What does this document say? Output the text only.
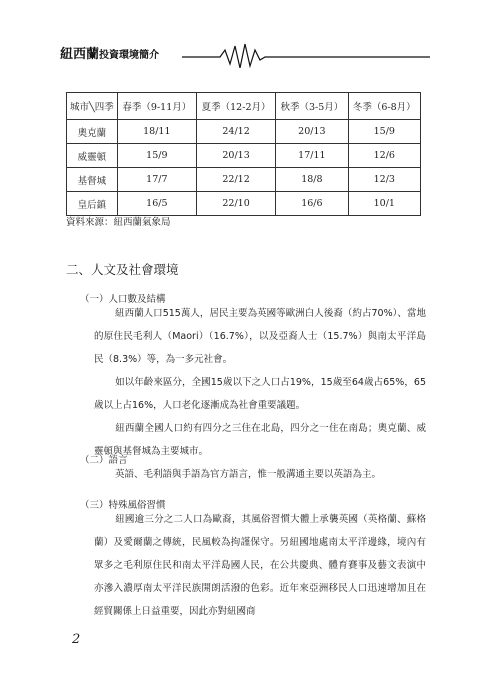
紐西蘭投資環境簡介
城市╲四季	春季（9-11月）	夏季（12-2月）	秋季（3-5月）	冬季（6-8月）
奧克蘭	18/11	24/12	20/13	15/9
威靈頓	15/9	20/13	17/11	12/6
基督城	17/7	22/12	18/8	12/3
皇后鎮	16/5	22/10	16/6	10/1
資料來源：紐西蘭氣象局
二、人文及社會環境
（一）人口數及結構

紐西蘭人口515萬人，居民主要為英國等歐洲白人後裔（約占70%）、當地的原住民毛利人（Maori）（16.7%），以及亞裔人士（15.7%）與南太平洋島民（8.3%）等，為一多元社會。

如以年齡來區分，全國15歲以下之人口占19%，15歲至64歲占65%，65歲以上占16%，人口老化逐漸成為社會重要議題。

紐西蘭全國人口約有四分之三住在北島，四分之一住在南島；奧克蘭、威靈頓與基督城為主要城市。

（二）語言

英語、毛利語與手語為官方語言，惟一般溝通主要以英語為主。

（三）特殊風俗習慣

紐國逾三分之二人口為歐裔，其風俗習慣大體上承襲英國（英格蘭、蘇格蘭）及愛爾蘭之傳統，民風較為拘謹保守。另紐國地處南太平洋邊緣，境內有眾多之毛利原住民和南太平洋島國人民，在公共慶典、體育賽事及藝文表演中亦滲入濃厚南太平洋民族開朗活潑的色彩。近年來亞洲移民人口迅速增加且在經貿關係上日益重要，因此亦對紐國商

2
